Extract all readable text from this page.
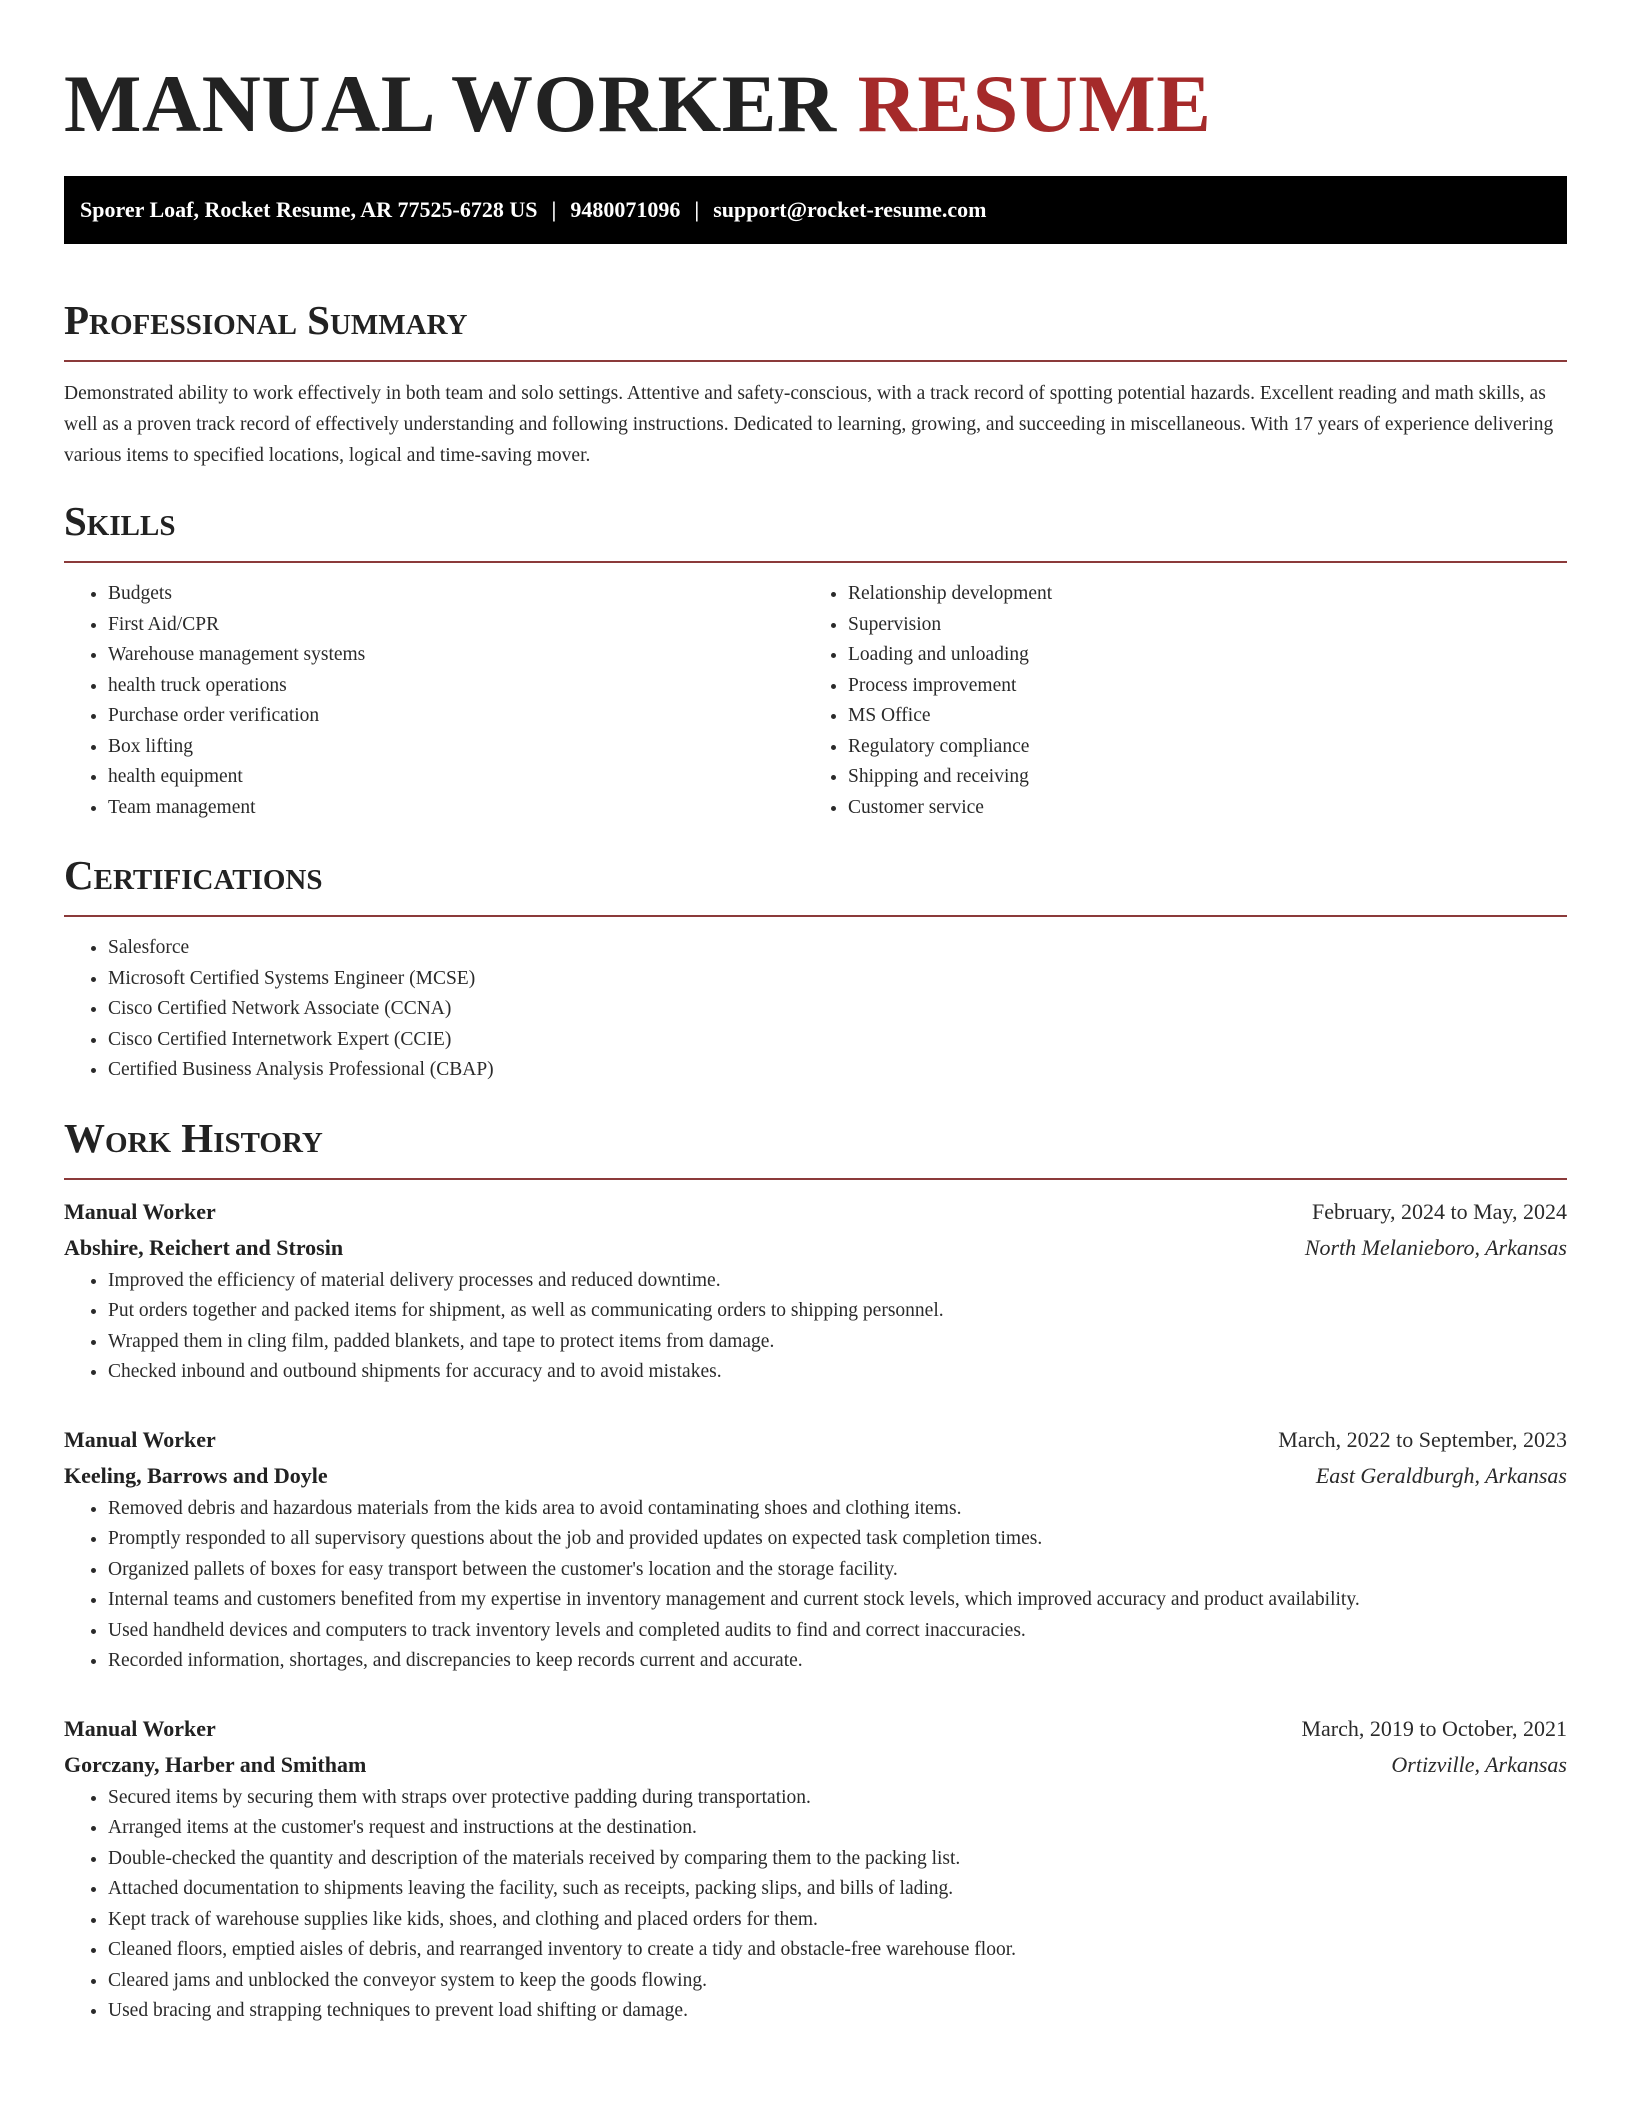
MANUAL WORKER RESUME
Sporer Loaf, Rocket Resume, AR 77525-6728 US | 9480071096 | support@rocket-resume.com
Professional Summary

Demonstrated ability to work effectively in both team and solo settings. Attentive and safety-conscious, with a track record of spotting potential hazards. Excellent reading and math skills, as well as a proven track record of effectively understanding and following instructions. Dedicated to learning, growing, and succeeding in miscellaneous. With 17 years of experience delivering various items to specified locations, logical and time-saving mover.

Skills
• Budgets
• First Aid/CPR
• Warehouse management systems
• health truck operations
• Purchase order verification
• Box lifting
• health equipment
• Team management
• Relationship development
• Supervision
• Loading and unloading
• Process improvement
• MS Office
• Regulatory compliance
• Shipping and receiving
• Customer service
Certifications
• Salesforce
• Microsoft Certified Systems Engineer (MCSE)
• Cisco Certified Network Associate (CCNA)
• Cisco Certified Internetwork Expert (CCIE)
• Certified Business Analysis Professional (CBAP)
Work History
Manual Worker	February, 2024 to May, 2024
Abshire, Reichert and Strosin	North Melanieboro, Arkansas
• Improved the efficiency of material delivery processes and reduced downtime.
• Put orders together and packed items for shipment, as well as communicating orders to shipping personnel.
• Wrapped them in cling film, padded blankets, and tape to protect items from damage.
• Checked inbound and outbound shipments for accuracy and to avoid mistakes.
Manual Worker	March, 2022 to September, 2023
Keeling, Barrows and Doyle	East Geraldburgh, Arkansas
• Removed debris and hazardous materials from the kids area to avoid contaminating shoes and clothing items.
• Promptly responded to all supervisory questions about the job and provided updates on expected task completion times.
• Organized pallets of boxes for easy transport between the customer's location and the storage facility.
• Internal teams and customers benefited from my expertise in inventory management and current stock levels, which improved accuracy and product availability.
• Used handheld devices and computers to track inventory levels and completed audits to find and correct inaccuracies.
• Recorded information, shortages, and discrepancies to keep records current and accurate.
Manual Worker	March, 2019 to October, 2021
Gorczany, Harber and Smitham	Ortizville, Arkansas
• Secured items by securing them with straps over protective padding during transportation.
• Arranged items at the customer's request and instructions at the destination.
• Double-checked the quantity and description of the materials received by comparing them to the packing list.
• Attached documentation to shipments leaving the facility, such as receipts, packing slips, and bills of lading.
• Kept track of warehouse supplies like kids, shoes, and clothing and placed orders for them.
• Cleaned floors, emptied aisles of debris, and rearranged inventory to create a tidy and obstacle-free warehouse floor.
• Cleared jams and unblocked the conveyor system to keep the goods flowing.
• Used bracing and strapping techniques to prevent load shifting or damage.
